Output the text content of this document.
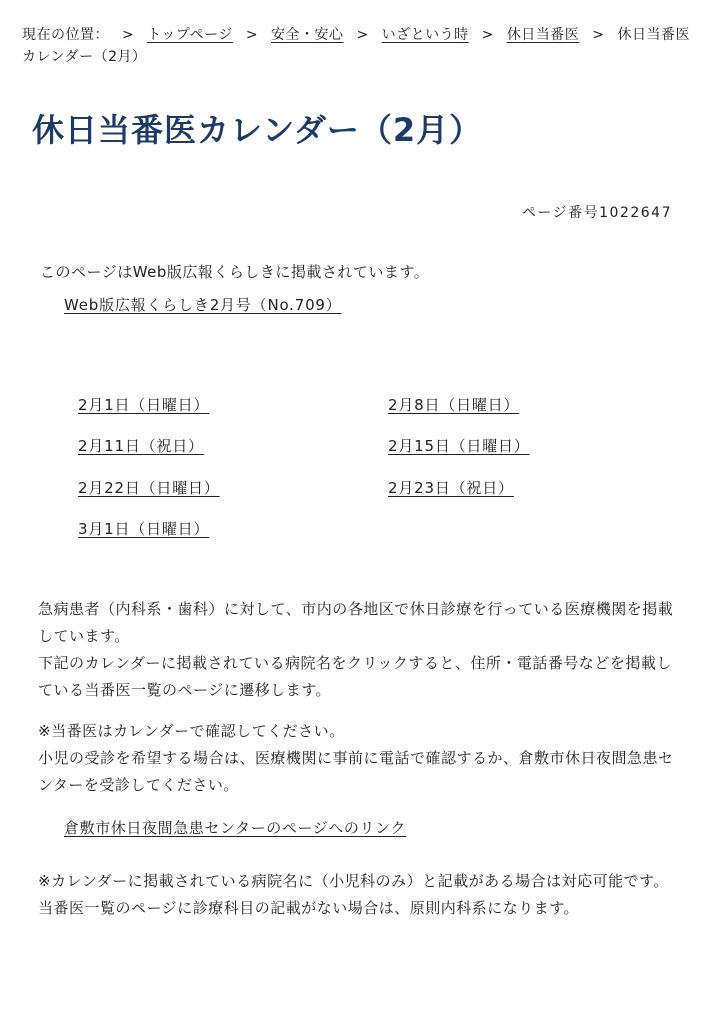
現在の位置： > トップページ > 安全・安心 > いざという時 > 休日当番医 > 休日当番医カレンダー（2月）
休日当番医カレンダー（2月）
ページ番号1022647
このページはWeb版広報くらしきに掲載されています。
Web版広報くらしき2月号（No.709）
2月1日（日曜日）	2月8日（日曜日）
2月11日（祝日）	2月15日（日曜日）
2月22日（日曜日）	2月23日（祝日）
3月1日（日曜日）
急病患者（内科系・歯科）に対して、市内の各地区で休日診療を行っている医療機関を掲載しています。
下記のカレンダーに掲載されている病院名をクリックすると、住所・電話番号などを掲載している当番医一覧のページに遷移します。
※当番医はカレンダーで確認してください。
小児の受診を希望する場合は、医療機関に事前に電話で確認するか、倉敷市休日夜間急患センターを受診してください。
倉敷市休日夜間急患センターのページへのリンク
※カレンダーに掲載されている病院名に（小児科のみ）と記載がある場合は対応可能です。
当番医一覧のページに診療科目の記載がない場合は、原則内科系になります。
